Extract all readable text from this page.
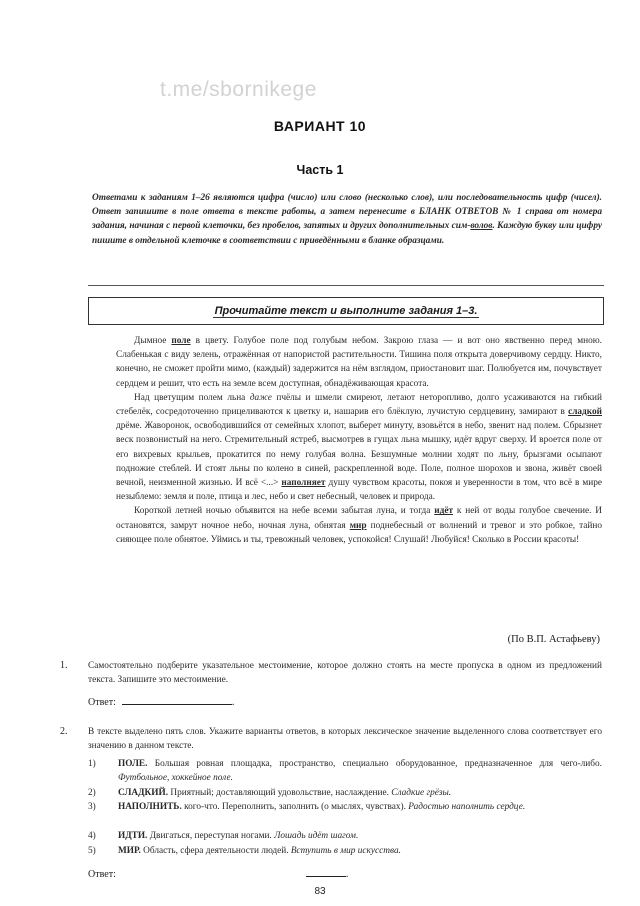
t.me/sbornikege
ВАРИАНТ 10
Часть 1
Ответами к заданиям 1–26 являются цифра (число) или слово (несколько слов), или последовательность цифр (чисел). Ответ запишите в поле ответа в тексте работы, а затем перенесите в БЛАНК ОТВЕТОВ № 1 справа от номера задания, начиная с первой клеточки, без пробелов, запятых и других дополнительных сим-волов. Каждую букву или цифру пишите в отдельной клеточке в соответствии с приведёнными в бланке образцами.
Прочитайте текст и выполните задания 1–3.

Дымное поле в цвету. Голубое поле под голубым небом. Закрою глаза — и вот оно явственно перед мною. Слабенькая с виду зелень, отражённая от напористой растительности. Тишина поля открыта доверчивому сердцу. Никто, конечно, не сможет пройти мимо, (каждый) задержится на нём взглядом, приостановит шаг. Полюбуется им, почувствует сердцем и решит, что есть на земле всем доступная, обнадёживающая красота.

Над цветущим полем льна даже пчёлы и шмели смиреют, летают неторопливо, долго усаживаются на гибкий стебелёк, сосредоточенно прицеливаются к цветку и, нашарив его блёклую, лучистую сердцевину, замирают в сладкой дрёме. Жаворонок, освободившийся от семейных хлопот, выберет минуту, взовьётся в небо, звенит над полем. Сбрызнет веск позвонистый на него. Стремительный ястреб, высмотрев в гущах льна мышку, идёт вдруг сверху. И вроется поле от его вихревых крыльев, прокатится по нему голубая волна. Безшумные молнии ходят по льну, брызгами осыпают подножие стеблей. И стоят льны по колено в синей, раскрепленной воде. Поле, полное шорохов и звона, живёт своей вечной, неизменной жизнью. И всё <...> наполняет душу чувством красоты, покоя и уверенности в том, что всё в мире незыблемо: земля и поле, птица и лес, небо и свет небесный, человек и природа.

Короткой летней ночью объявится на небе всеми забытая луна, и тогда идёт к ней от воды голубое свечение. И остановятся, замрут ночное небо, ночная луна, обнятая мир поднебесный от волнений и тревог и это робкое, тайно сияющее поле обнятое. Уймись и ты, тревожный человек, успокойся! Слушай! Любуйся! Сколько в России красоты!

(По В.П. Астафьеву)
1. Самостоятельно подберите указательное местоимение, которое должно стоять на месте пропуска в одном из предложений текста. Запишите это местоимение.
Ответ:	.
2. В тексте выделено пять слов. Укажите варианты ответов, в которых лексическое значение выделенного слова соответствует его значению в данном тексте.
1)	ПОЛЕ. Большая ровная площадка, пространство, специально оборудованное, предназначенное для чего-либо. Футбольное, хоккейное поле.
2)	СЛАДКИЙ. Приятный; доставляющий удовольствие, наслаждение. Сладкие грёзы.
3)	НАПОЛНИТЬ. кого-что. Переполнить, заполнить (о мыслях, чувствах). Радостью наполнить сердце.
4)	ИДТИ. Двигаться, переступая ногами. Лошадь идёт шагом.
5)	МИР. Область, сфера деятельности людей. Вступить в мир искусства.
Ответ:	.
83
